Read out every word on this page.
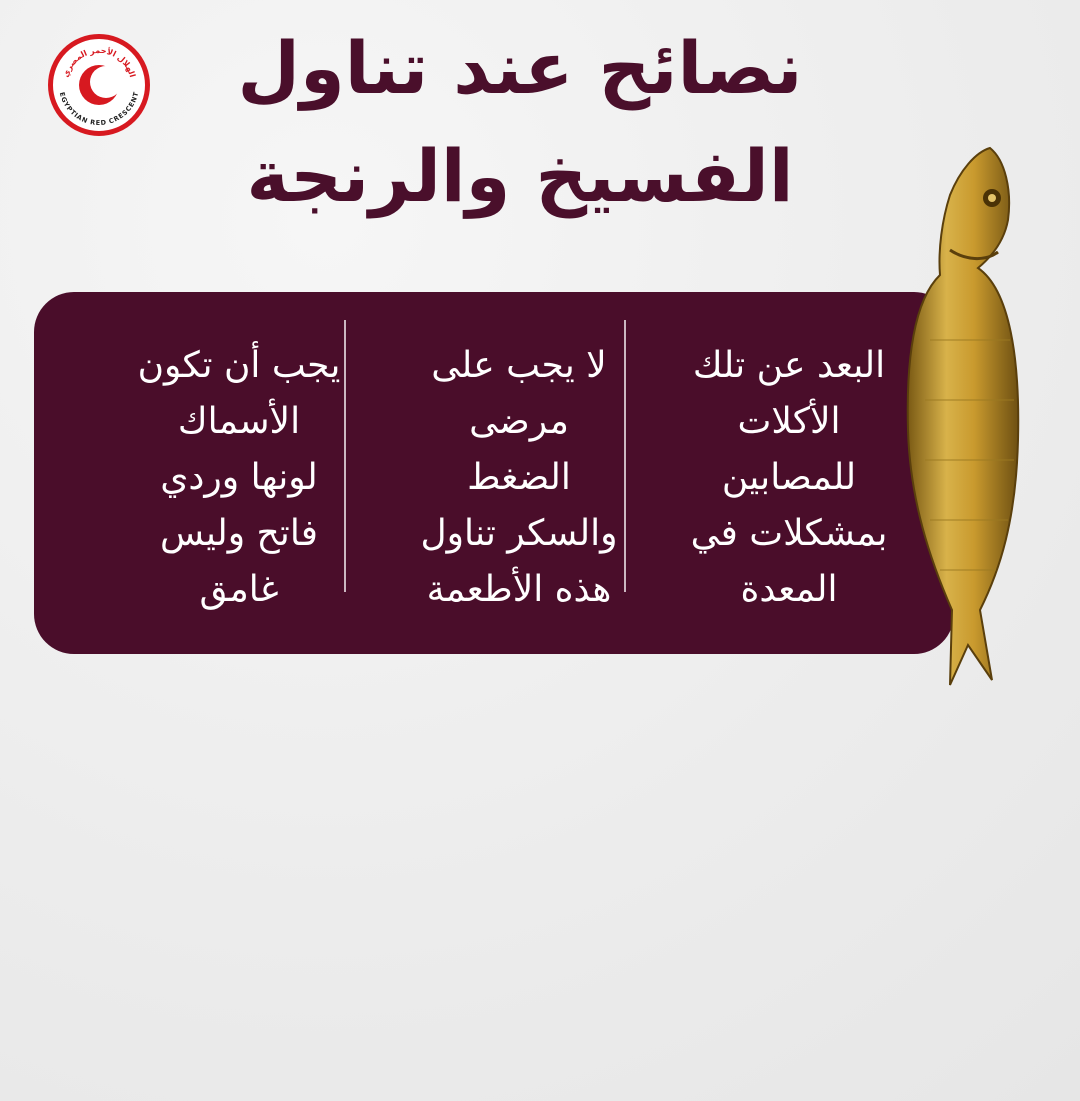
الهلال الأحمر المصري
EGYPTIAN RED CRESCENT	نصائح عند تناول
الفسيخ والرنجة
البعد عن تلك
الأكلات
للمصابين
بمشكلات في
المعدة
لا يجب على
مرضى
الضغط
والسكر تناول
هذه الأطعمة
يجب أن تكون
الأسماك
لونها وردي
فاتح وليس
غامق
